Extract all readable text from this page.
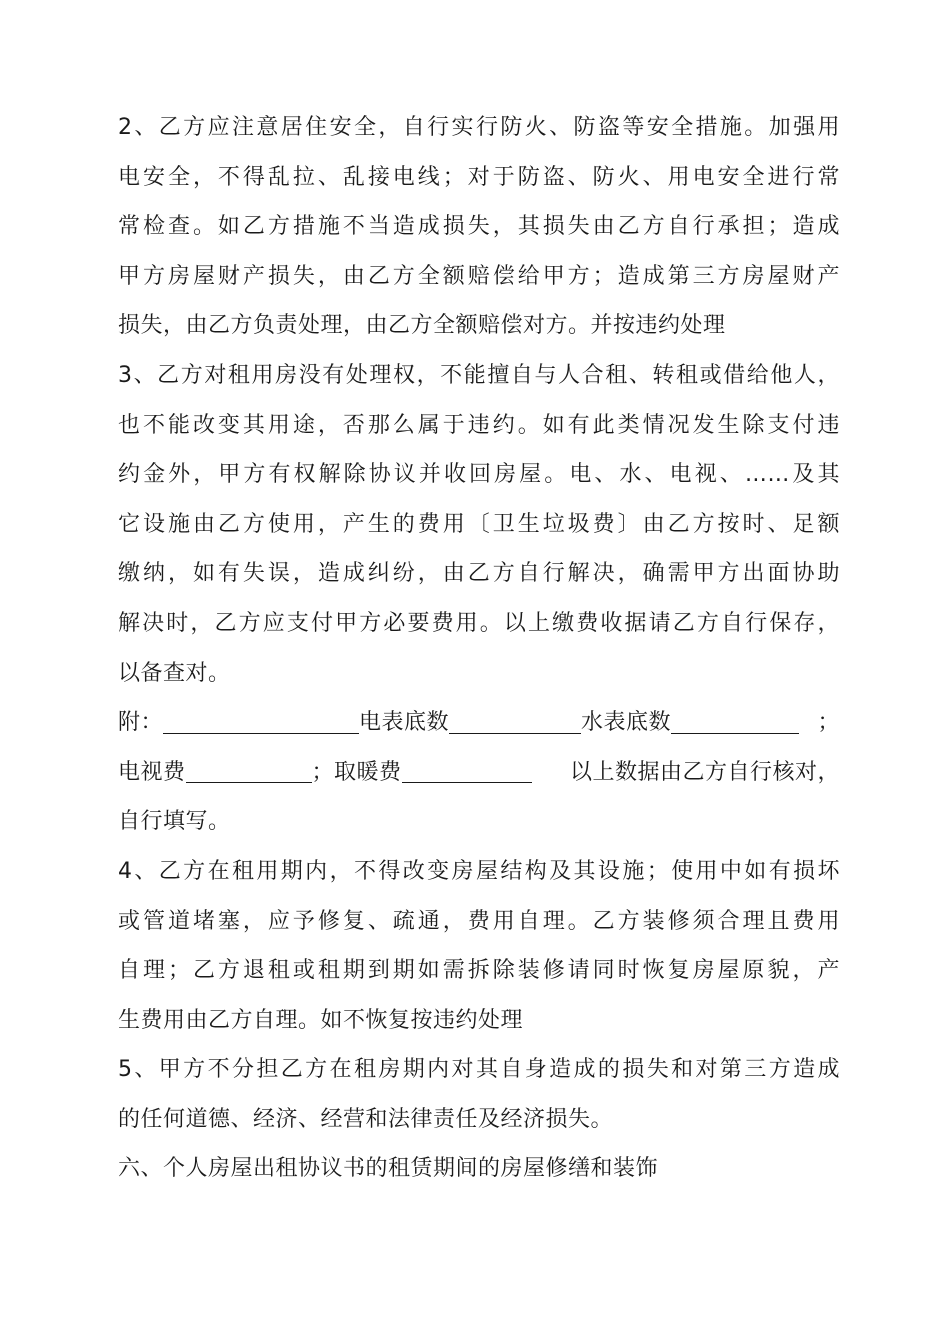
2、乙方应注意居住安全，自行实行防火、防盗等安全措施。加强用
电安全，不得乱拉、乱接电线；对于防盗、防火、用电安全进行常
常检查。如乙方措施不当造成损失，其损失由乙方自行承担；造成
甲方房屋财产损失，由乙方全额赔偿给甲方；造成第三方房屋财产
损失，由乙方负责处理，由乙方全额赔偿对方。并按违约处理
3、乙方对租用房没有处理权，不能擅自与人合租、转租或借给他人，
也不能改变其用途，否那么属于违约。如有此类情况发生除支付违
约金外，甲方有权解除协议并收回房屋。电、水、电视、……及其
它设施由乙方使用，产生的费用〔卫生垃圾费〕由乙方按时、足额
缴纳，如有失误，造成纠纷，由乙方自行解决，确需甲方出面协助
解决时，乙方应支付甲方必要费用。以上缴费收据请乙方自行保存，
以备查对。
附：	电表底数	水表底数	；
电视费	；取暖费	以上数据由乙方自行核对，
自行填写。
4、乙方在租用期内，不得改变房屋结构及其设施；使用中如有损坏
或管道堵塞，应予修复、疏通，费用自理。乙方装修须合理且费用
自理；乙方退租或租期到期如需拆除装修请同时恢复房屋原貌，产
生费用由乙方自理。如不恢复按违约处理
5、甲方不分担乙方在租房期内对其自身造成的损失和对第三方造成
的任何道德、经济、经营和法律责任及经济损失。
六、个人房屋出租协议书的租赁期间的房屋修缮和装饰
